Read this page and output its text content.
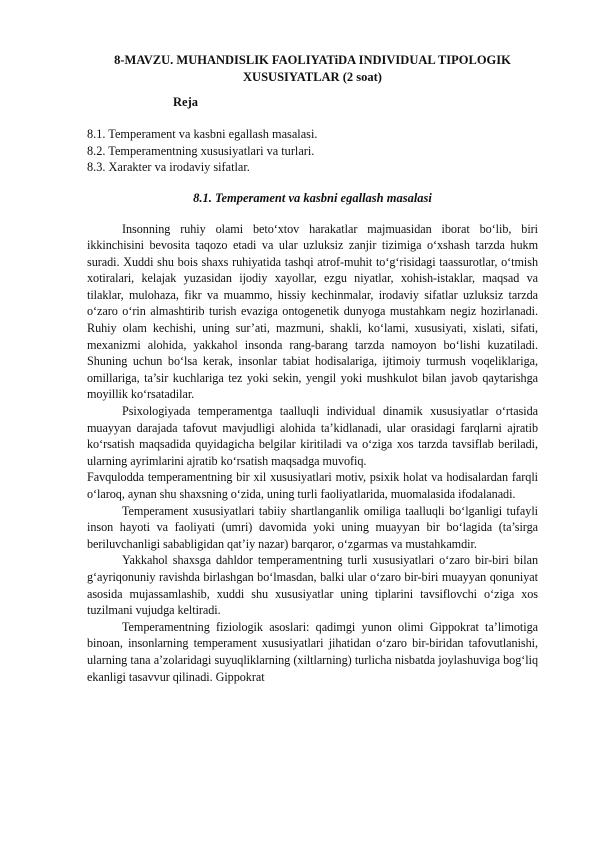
8-MAVZU. MUHANDISLIK FAOLIYATiDA INDIVIDUAL TIPOLOGIK
XUSUSIYATLAR (2 soat)
Reja
8.1. Temperament va kasbni egallash masalasi.
8.2. Temperamentning xususiyatlari va turlari.
8.3. Xarakter va irodaviy sifatlar.
8.1. Temperament va kasbni egallash masalasi

Insonning ruhiy olami beto‘xtov harakatlar majmuasidan iborat bo‘lib, biri ikkinchisini bevosita taqozo etadi va ular uzluksiz zanjir tizimiga o‘xshash tarzda hukm suradi. Xuddi shu bois shaxs ruhiyatida tashqi atrof-muhit to‘g‘risidagi taassurotlar, o‘tmish xotiralari, kelajak yuzasidan ijodiy xayollar, ezgu niyatlar, xohish-istaklar, maqsad va tilaklar, mulohaza, fikr va muammo, hissiy kechinmalar, irodaviy sifatlar uzluksiz tarzda o‘zaro o‘rin almashtirib turish evaziga ontogenetik dunyoga mustahkam negiz hozirlanadi. Ruhiy olam kechishi, uning sur’ati, mazmuni, shakli, ko‘lami, xususiyati, xislati, sifati, mexanizmi alohida, yakkahol insonda rang-barang tarzda namoyon bo‘lishi kuzatiladi. Shuning uchun bo‘lsa kerak, insonlar tabiat hodisalariga, ijtimoiy turmush voqeliklariga, omillariga, ta’sir kuchlariga tez yoki sekin, yengil yoki mushkulot bilan javob qaytarishga moyillik ko‘rsatadilar.

Psixologiyada temperamentga taalluqli individual dinamik xususiyatlar o‘rtasida muayyan darajada tafovut mavjudligi alohida ta’kidlanadi, ular orasidagi farqlarni ajratib ko‘rsatish maqsadida quyidagicha belgilar kiritiladi va o‘ziga xos tarzda tavsiflab beriladi, ularning ayrimlarini ajratib ko‘rsatish maqsadga muvofiq.

Favqulodda temperamentning bir xil xususiyatlari motiv, psixik holat va hodisalardan farqli o‘laroq, aynan shu shaxsning o‘zida, uning turli faoliyatlarida, muomalasida ifodalanadi.

Temperament xususiyatlari tabiiy shartlanganlik omiliga taalluqli bo‘lganligi tufayli inson hayoti va faoliyati (umri) davomida yoki uning muayyan bir bo‘lagida (ta’sirga beriluvchanligi sababligidan qat’iy nazar) barqaror, o‘zgarmas va mustahkamdir.

Yakkahol shaxsga dahldor temperamentning turli xususiyatlari o‘zaro bir-biri bilan g‘ayriqonuniy ravishda birlashgan bo‘lmasdan, balki ular o‘zaro bir-biri muayyan qonuniyat asosida mujassamlashib, xuddi shu xususiyatlar uning tiplarini tavsiflovchi o‘ziga xos tuzilmani vujudga keltiradi.

Temperamentning fiziologik asoslari: qadimgi yunon olimi Gippokrat ta’limotiga binoan, insonlarning temperament xususiyatlari jihatidan o‘zaro bir-biridan tafovutlanishi, ularning tana a’zolaridagi suyuqliklarning (xiltlarning) turlicha nisbatda joylashuviga bog‘liq ekanligi tasavvur qilinadi. Gippokrat
